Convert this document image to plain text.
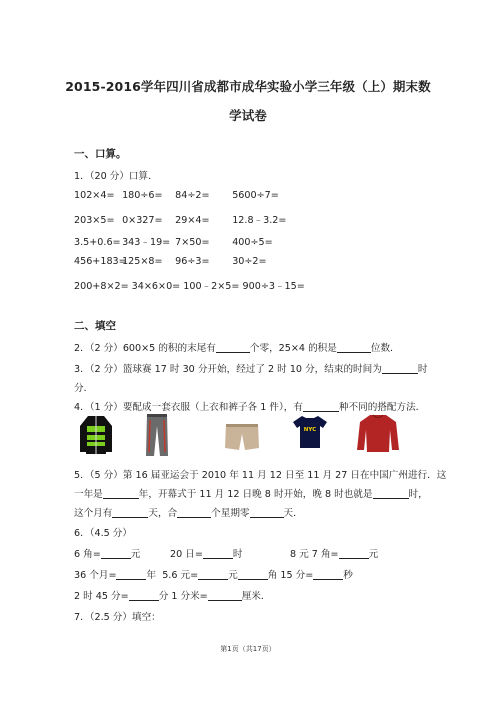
2015-2016学年四川省成都市成华实验小学三年级（上）期末数
学试卷
一、口算。
1．（20 分）口算．
102×4= 180÷6= 84÷2= 5600÷7=
203×5= 0×327= 29×4= 12.8﹣3.2=
3.5+0.6= 343﹣19= 7×50= 400÷5=
456+183= 125×8= 96÷3= 30÷2=
200+8×2= 34×6×0= 100﹣2×5= 900÷3﹣15=
二、填空
2．（2 分）600×5 的积的末尾有	个零，25×4 的积是	位数．
3．（2 分）篮球赛 17 时 30 分开始，经过了 2 时 10 分，结束的时间为	时
分．
4．（1 分）要配成一套衣服（上衣和裤子各 1 件），有	种不同的搭配方法．
NYC
5．（5 分）第 16 届亚运会于 2010 年 11 月 12 日至 11 月 27 日在中国广州进行．这
一年是	年，开幕式于 11 月 12 日晚 8 时开始，晚 8 时也就是	时，
这个月有	天，合	个星期零	天．
6．（4.5 分）
6 角=	元	20 日=	时	8 元 7 角=	元
36 个月=	年 5.6 元=	元	角 15 分=	秒
2 时 45 分=	分 1 分米=	厘米．
7．（2.5 分）填空：
第1页（共17页）
